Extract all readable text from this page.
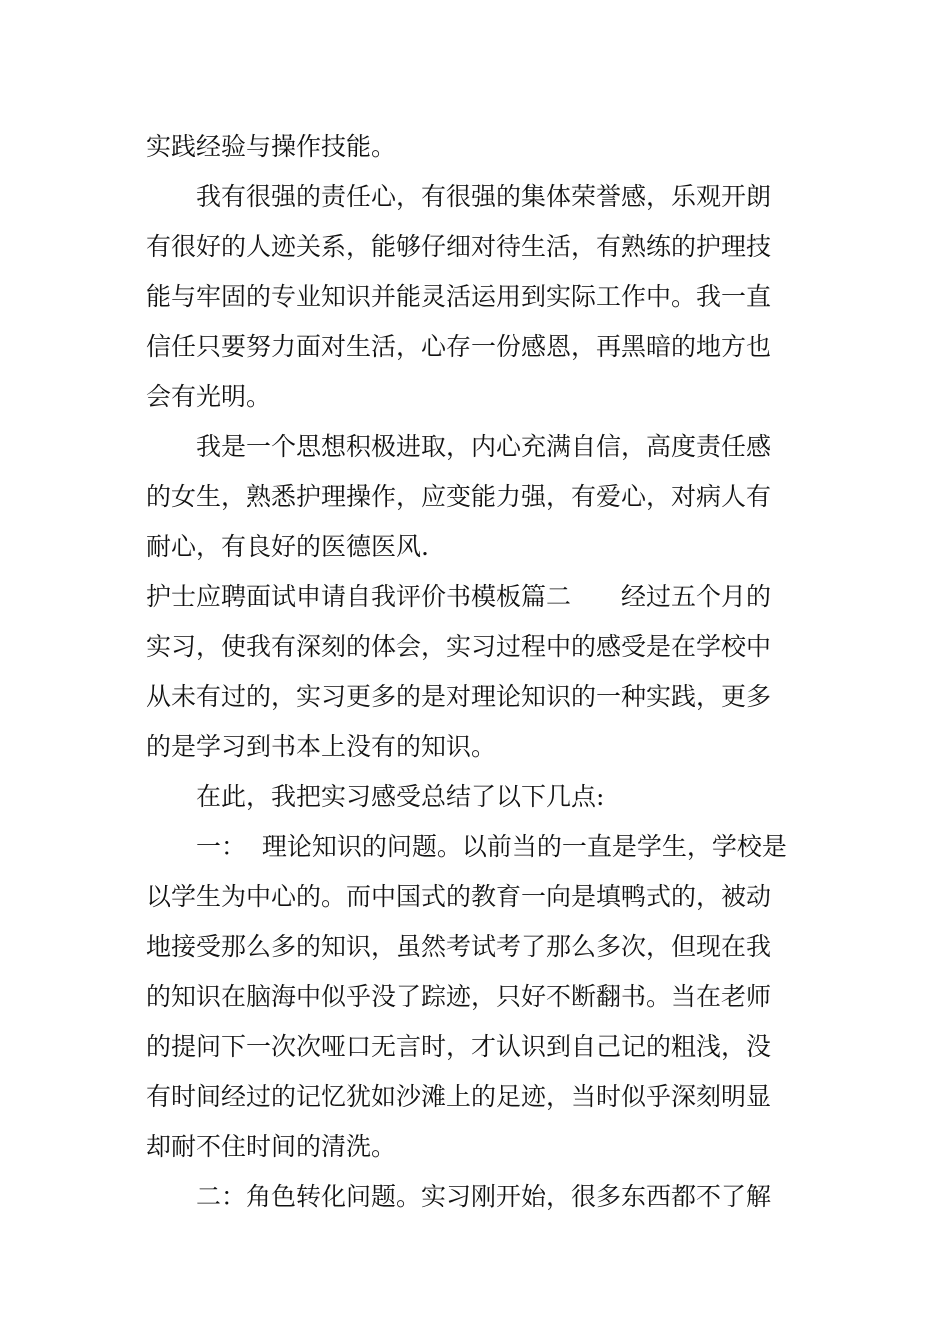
实践经验与操作技能。
我有很强的责任心，有很强的集体荣誉感，乐观开朗
有很好的人迹关系，能够仔细对待生活，有熟练的护理技
能与牢固的专业知识并能灵活运用到实际工作中。我一直
信任只要努力面对生活，心存一份感恩，再黑暗的地方也
会有光明。
我是一个思想积极进取，内心充满自信，高度责任感
的女生，熟悉护理操作，应变能力强，有爱心，对病人有
耐心，有良好的医德医风.
护士应聘面试申请自我评价书模板篇二 经过五个月的
实习，使我有深刻的体会，实习过程中的感受是在学校中
从未有过的，实习更多的是对理论知识的一种实践，更多
的是学习到书本上没有的知识。
在此，我把实习感受总结了以下几点:
一：  理论知识的问题。以前当的一直是学生，学校是
以学生为中心的。而中国式的教育一向是填鸭式的，被动
地接受那么多的知识，虽然考试考了那么多次，但现在我
的知识在脑海中似乎没了踪迹，只好不断翻书。当在老师
的提问下一次次哑口无言时，才认识到自己记的粗浅，没
有时间经过的记忆犹如沙滩上的足迹，当时似乎深刻明显
却耐不住时间的清洗。
二：角色转化问题。实习刚开始，很多东西都不了解
